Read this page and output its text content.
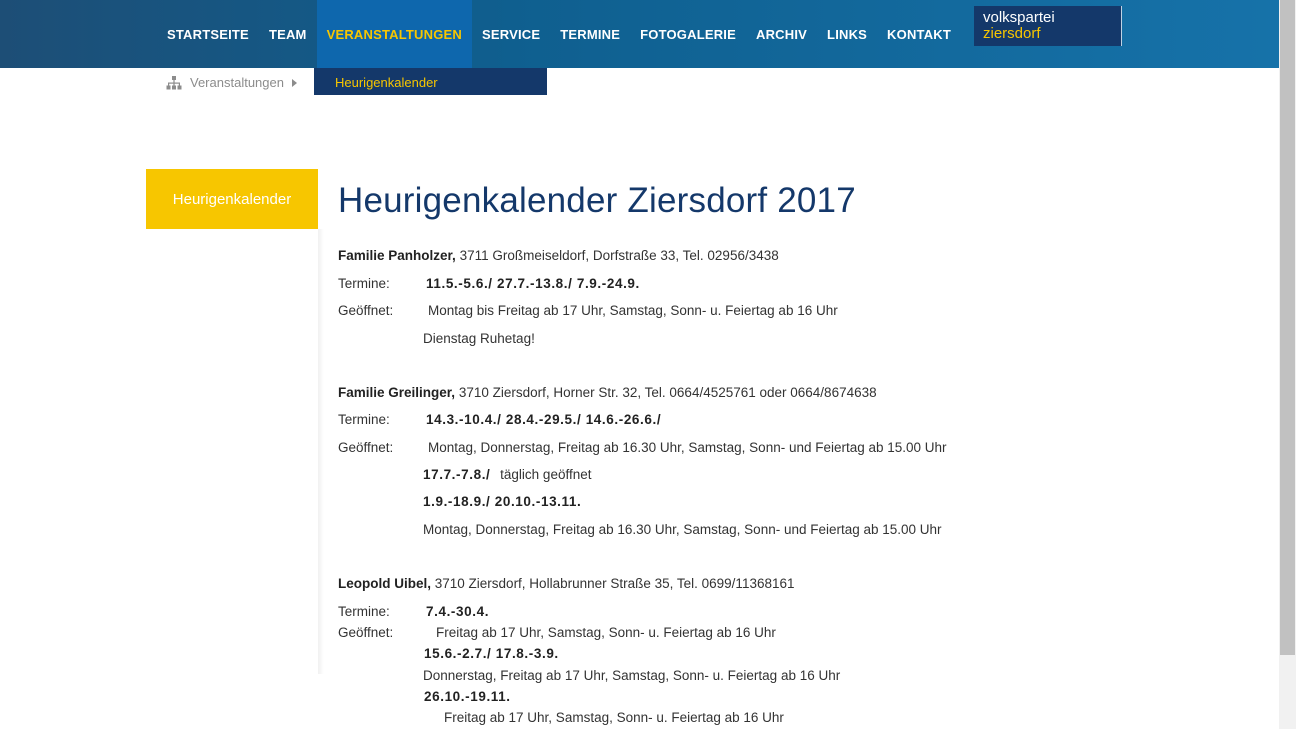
STARTSEITE	TEAM	VERANSTALTUNGEN	SERVICE	TERMINE	FOTOGALERIE	ARCHIV	LINKS	KONTAKT
volkspartei
ziersdorf
Heurigenkalender
Veranstaltungen
Heurigenkalender Heurigenkalender Ziersdorf 2017
Familie Panholzer, 3711 Großmeiseldorf, Dorfstraße 33, Tel. 02956/3438
Termine:	11.5.-5.6./ 27.7.-13.8./ 7.9.-24.9.
Geöffnet:	Montag bis Freitag ab 17 Uhr, Samstag, Sonn- u. Feiertag ab 16 Uhr
Dienstag Ruhetag!
Familie Greilinger, 3710 Ziersdorf, Horner Str. 32, Tel. 0664/4525761 oder 0664/8674638
Termine:	14.3.-10.4./ 28.4.-29.5./ 14.6.-26.6./
Geöffnet:	Montag, Donnerstag, Freitag ab 16.30 Uhr, Samstag, Sonn- und Feiertag ab 15.00 Uhr
17.7.-7.8./ täglich geöffnet
1.9.-18.9./ 20.10.-13.11.
Montag, Donnerstag, Freitag ab 16.30 Uhr, Samstag, Sonn- und Feiertag ab 15.00 Uhr
Leopold Uibel, 3710 Ziersdorf, Hollabrunner Straße 35, Tel. 0699/11368161
Termine:	7.4.-30.4.
Geöffnet:	Freitag ab 17 Uhr, Samstag, Sonn- u. Feiertag ab 16 Uhr
15.6.-2.7./ 17.8.-3.9.
Donnerstag, Freitag ab 17 Uhr, Samstag, Sonn- u. Feiertag ab 16 Uhr
26.10.-19.11.
Freitag ab 17 Uhr, Samstag, Sonn- u. Feiertag ab 16 Uhr
